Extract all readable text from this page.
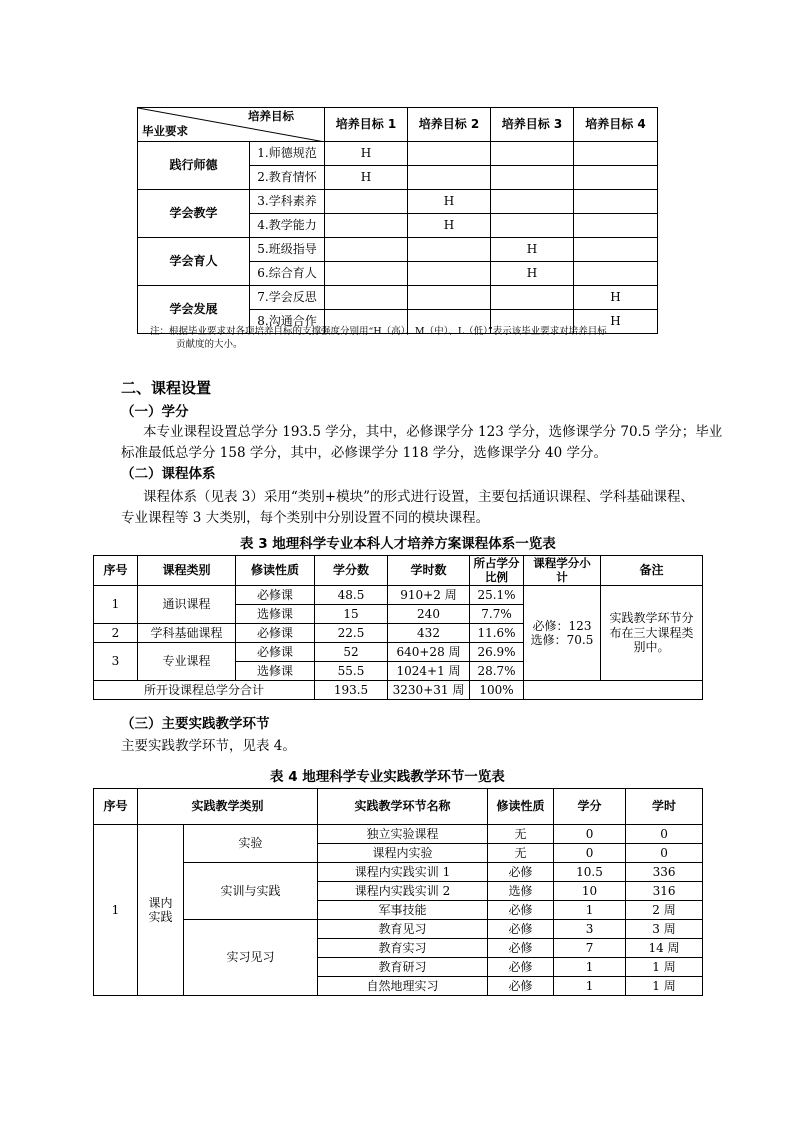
培养目标
毕业要求		培养目标 1	培养目标 2	培养目标 3	培养目标 4
践行师德	1.师德规范	H			
	2.教育情怀	H			
学会教学	3.学科素养		H		
	4.教学能力		H		
学会育人	5.班级指导			H	
	6.综合育人			H	
学会发展	7.学会反思				H
	8.沟通合作				H
注：根据毕业要求对各项培养目标的支撑强度分别用“H（高）、M（中）、L（低）”表示该毕业要求对培养目标
贡献度的大小。
二、课程设置
（一）学分
本专业课程设置总学分 193.5 学分，其中，必修课学分 123 学分，选修课学分 70.5 学分；毕业
标准最低总学分 158 学分，其中，必修课学分 118 学分，选修课学分 40 学分。
（二）课程体系
课程体系（见表 3）采用“类别+模块”的形式进行设置，主要包括通识课程、学科基础课程、
专业课程等 3 大类别，每个类别中分别设置不同的模块课程。
表 3 地理科学专业本科人才培养方案课程体系一览表
序号	课程类别	修读性质	学分数	学时数	所占学分比例	课程学分小计	备注
1	通识课程	必修课	48.5	910+2 周	25.1%	必修：123
选修：70.5	实践教学环节分布在三大课程类别中。
		选修课	15	240	7.7%		
2	学科基础课程	必修课	22.5	432	11.6%		
3	专业课程	必修课	52	640+28 周	26.9%		
		选修课	55.5	1024+1 周	28.7%		
所开设课程总学分合计			193.5	3230+31 周	100%		
（三）主要实践教学环节
主要实践教学环节，见表 4。
表 4 地理科学专业实践教学环节一览表
序号	实践教学类别		实践教学环节名称	修读性质	学分	学时
1	课内实践	实验	独立实验课程	无	0	0
			课程内实验	无	0	0
		实训与实践	课程内实践实训 1	必修	10.5	336
			课程内实践实训 2	选修	10	316
			军事技能	必修	1	2 周
		实习见习	教育见习	必修	3	3 周
			教育实习	必修	7	14 周
			教育研习	必修	1	1 周
			自然地理实习	必修	1	1 周
